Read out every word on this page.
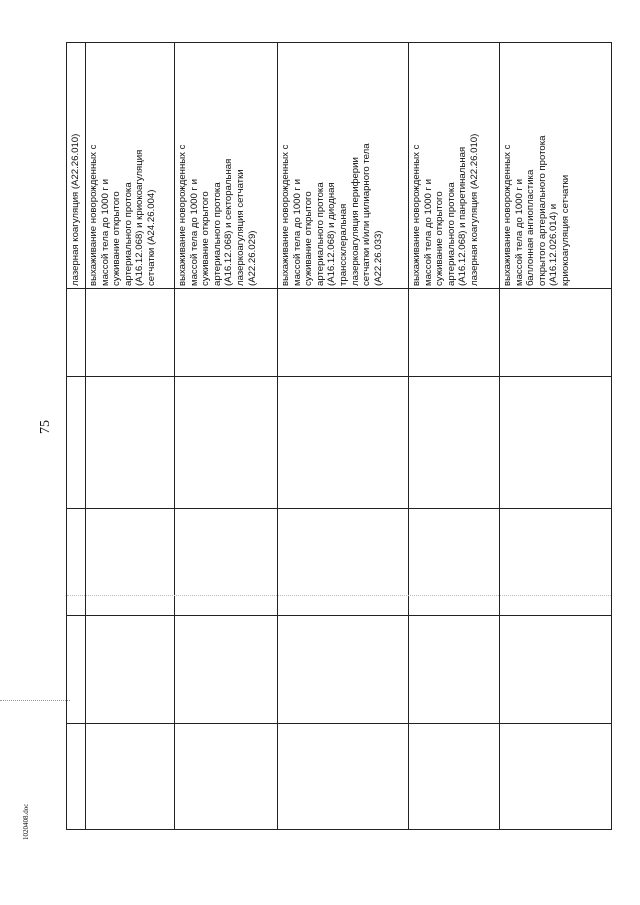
75
1020408.doc
лазерная коагуляция (A22.26.010) выхаживание новорожденных с массой тела до 1000 г и суживание открытого артериального протока (A16.12.068) и криокоагуляция сетчатки (A24.26.004) выхаживание новорожденных с массой тела до 1000 г и суживание открытого артериального протока (A16.12.068) и секторальная лазеркоагуляция сетчатки (A22.26.029) выхаживание новорожденных с массой тела до 1000 г и суживание открытого артериального протока (A16.12.068) и диодная транссклеральная лазеркоагуляция периферии сетчатки и/или цилиарного тела (A22.26.033)	выхаживание новорожденных с массой тела до 1000 г и суживание открытого артериального протока (A16.12.068) и панретинальная лазерная коагуляция (A22.26.010) выхаживание новорожденных с массой тела до 1000 г и баллонная ангиопластика открытого артериального протока (A16.12.026.014) и криокоагуляция сетчатки
